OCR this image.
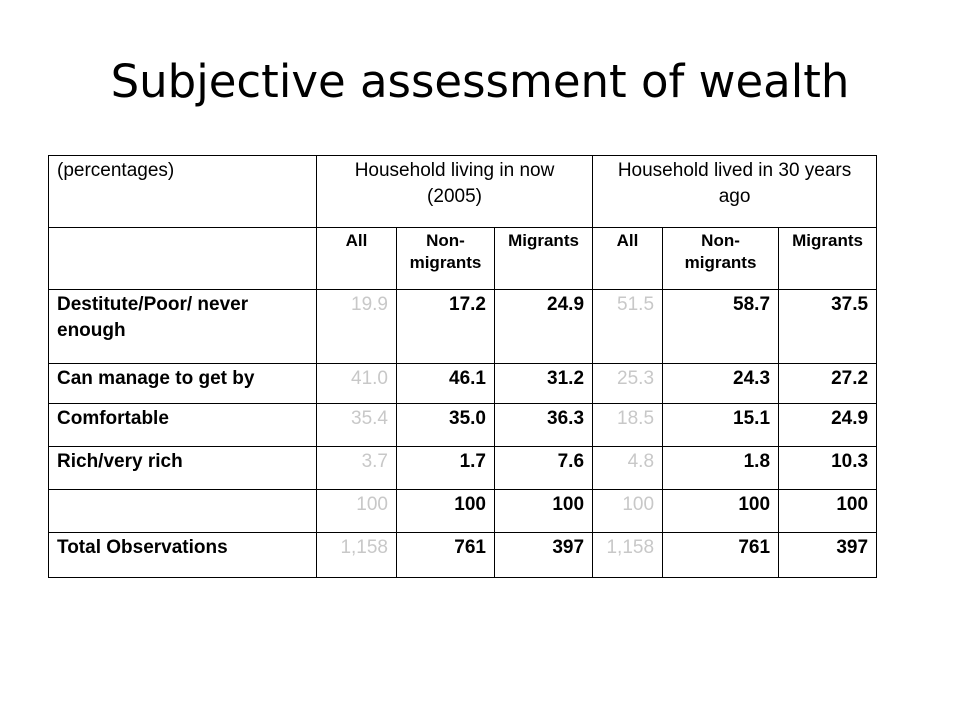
Subjective assessment of wealth
(percentages)	Household living in now (2005)			Household lived in 30 years ago		
	All	Non-migrants	Migrants	All	Non-migrants	Migrants
Destitute/Poor/ never enough	19.9	17.2	24.9	51.5	58.7	37.5
Can manage to get by	41.0	46.1	31.2	25.3	24.3	27.2
Comfortable	35.4	35.0	36.3	18.5	15.1	24.9
Rich/very rich	3.7	1.7	7.6	4.8	1.8	10.3
	100	100	100	100	100	100
Total Observations	1,158	761	397	1,158	761	397
